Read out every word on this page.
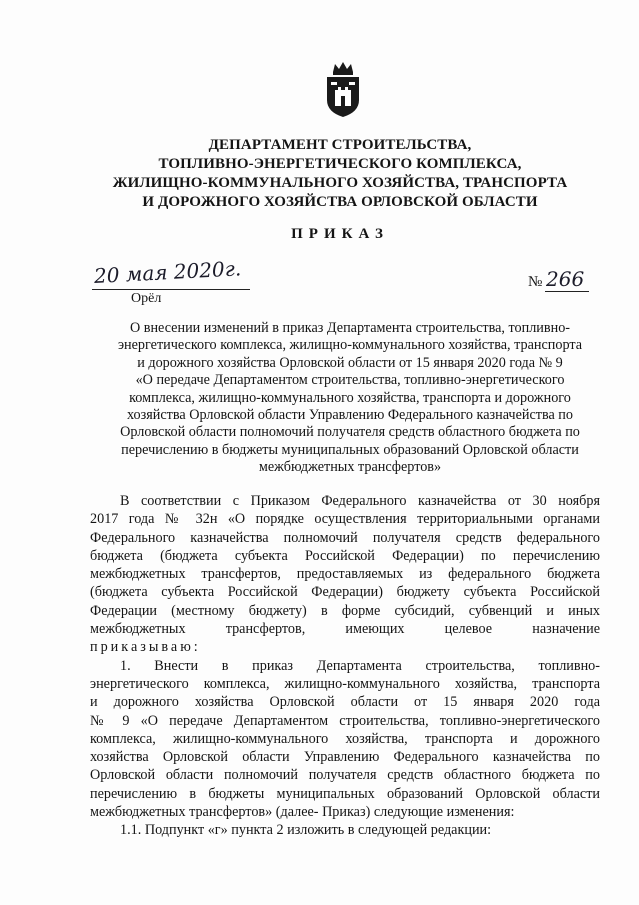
ДЕПАРТАМЕНТ СТРОИТЕЛЬСТВА,
ТОПЛИВНО-ЭНЕРГЕТИЧЕСКОГО КОМПЛЕКСА,
ЖИЛИЩНО-КОММУНАЛЬНОГО ХОЗЯЙСТВА, ТРАНСПОРТА
И ДОРОЖНОГО ХОЗЯЙСТВА ОРЛОВСКОЙ ОБЛАСТИ
ПРИКАЗ
20 мая 2020г.
Орёл
№ 266

О внесении изменений в приказ Департамента строительства, топливно-
энергетического комплекса, жилищно-коммунального хозяйства, транспорта
и дорожного хозяйства Орловской области от 15 января 2020 года № 9
«О передаче Департаментом строительства, топливно-энергетического
комплекса, жилищно-коммунального хозяйства, транспорта и дорожного
хозяйства Орловской области Управлению Федерального казначейства по
Орловской области полномочий получателя средств областного бюджета по
перечислению в бюджеты муниципальных образований Орловской области
межбюджетных трансфертов»

В соответствии с Приказом Федерального казначейства от 30 ноября
2017 года № 32н «О порядке осуществления территориальными органами
Федерального казначейства полномочий получателя средств федерального
бюджета (бюджета субъекта Российской Федерации) по перечислению
межбюджетных трансфертов, предоставляемых из федерального бюджета
(бюджета субъекта Российской Федерации) бюджету субъекта Российской
Федерации (местному бюджету) в форме субсидий, субвенций и иных
межбюджетных трансфертов, имеющих целевое назначение
приказываю:
1. Внести в приказ Департамента строительства, топливно-
энергетического комплекса, жилищно-коммунального хозяйства, транспорта
и дорожного хозяйства Орловской области от 15 января 2020 года
№ 9 «О передаче Департаментом строительства, топливно-энергетического
комплекса, жилищно-коммунального хозяйства, транспорта и дорожного
хозяйства Орловской области Управлению Федерального казначейства по
Орловской области полномочий получателя средств областного бюджета по
перечислению в бюджеты муниципальных образований Орловской области
межбюджетных трансфертов» (далее- Приказ) следующие изменения:
1.1. Подпункт «г» пункта 2 изложить в следующей редакции:
